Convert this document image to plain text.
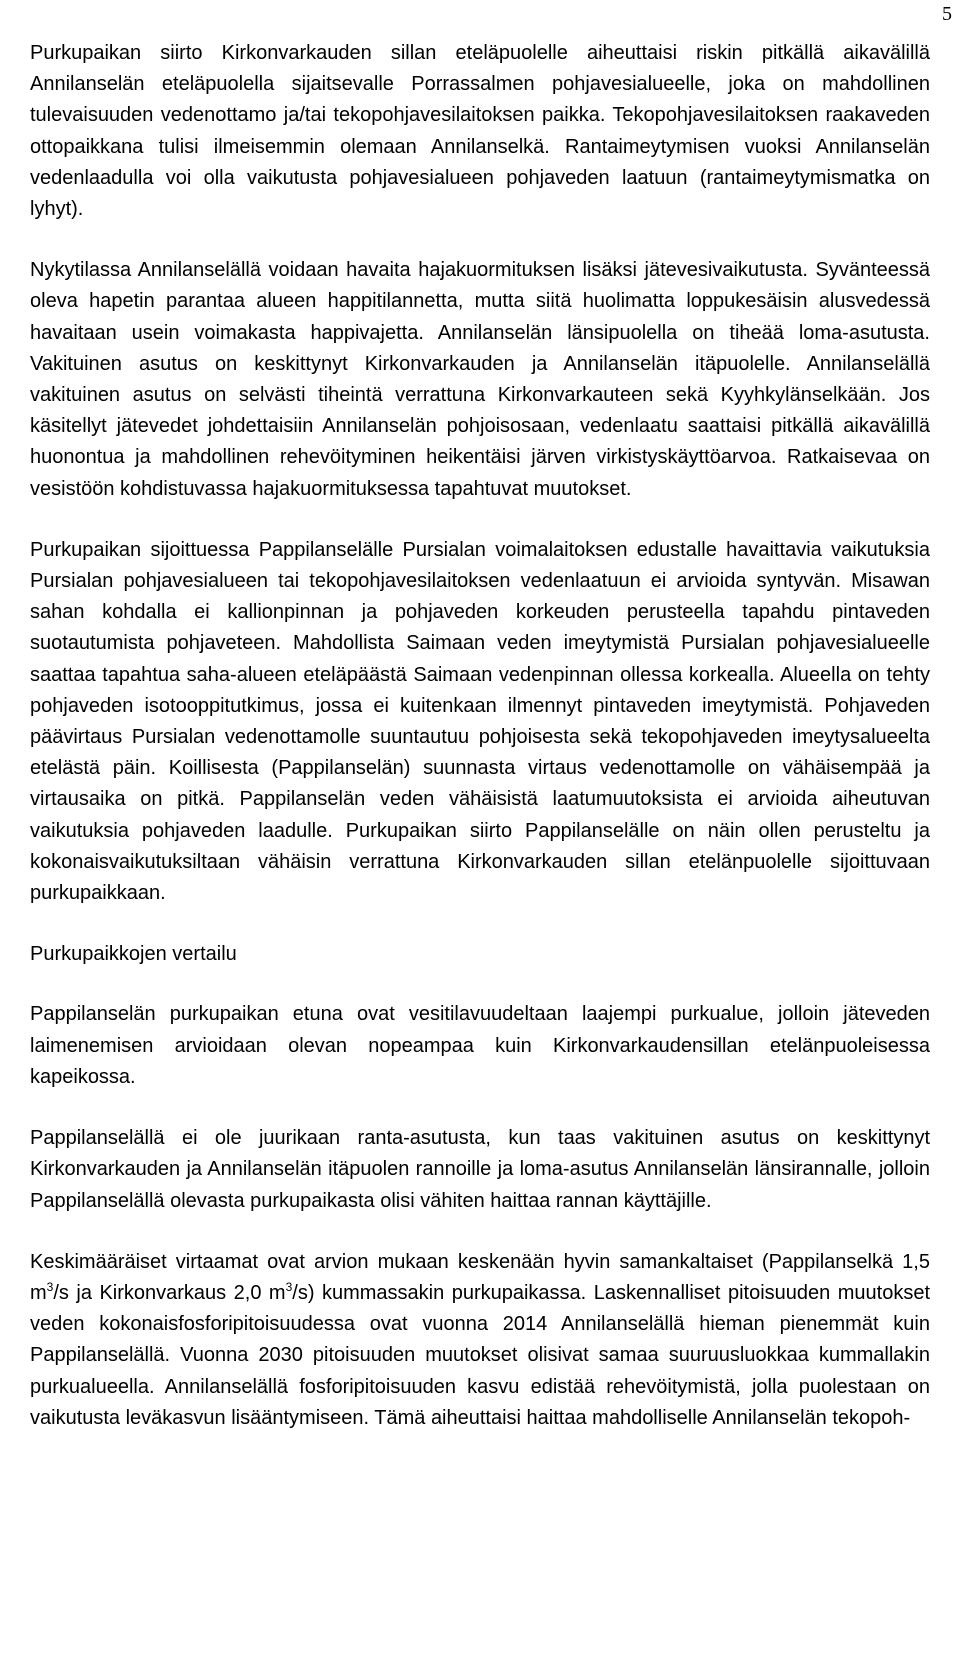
5

Purkupaikan siirto Kirkonvarkauden sillan eteläpuolelle aiheuttaisi riskin pitkällä aikavälillä Annilanselän eteläpuolella sijaitsevalle Porrassalmen pohjavesialueelle, joka on mahdollinen tulevaisuuden vedenottamo ja/tai tekopohjavesilaitoksen paikka. Tekopohjavesilaitoksen raakaveden ottopaikkana tulisi ilmeisemmin olemaan Annilanselkä. Rantaimeytymisen vuoksi Annilanselän vedenlaadulla voi olla vaikutusta pohjavesialueen pohjaveden laatuun (rantaimeytymismatka on lyhyt).

Nykytilassa Annilanselällä voidaan havaita hajakuormituksen lisäksi jätevesivaikutusta. Syvänteessä oleva hapetin parantaa alueen happitilannetta, mutta siitä huolimatta loppukesäisin alusvedessä havaitaan usein voimakasta happivajetta. Annilanselän länsipuolella on tiheää loma-asutusta. Vakituinen asutus on keskittynyt Kirkonvarkauden ja Annilanselän itäpuolelle. Annilanselällä vakituinen asutus on selvästi tiheintä verrattuna Kirkonvarkauteen sekä Kyyhkylänselkään. Jos käsitellyt jätevedet johdettaisiin Annilanselän pohjoisosaan, vedenlaatu saattaisi pitkällä aikavälillä huonontua ja mahdollinen rehevöityminen heikentäisi järven virkistyskäyttöarvoa. Ratkaisevaa on vesistöön kohdistuvassa hajakuormituksessa tapahtuvat muutokset.

Purkupaikan sijoittuessa Pappilanselälle Pursialan voimalaitoksen edustalle havaittavia vaikutuksia Pursialan pohjavesialueen tai tekopohjavesilaitoksen vedenlaatuun ei arvioida syntyvän. Misawan sahan kohdalla ei kallionpinnan ja pohjaveden korkeuden perusteella tapahdu pintaveden suotautumista pohjaveteen. Mahdollista Saimaan veden imeytymistä Pursialan pohjavesialueelle saattaa tapahtua saha-alueen eteläpäästä Saimaan vedenpinnan ollessa korkealla. Alueella on tehty pohjaveden isotooppitutkimus, jossa ei kuitenkaan ilmennyt pintaveden imeytymistä. Pohjaveden päävirtaus Pursialan vedenottamolle suuntautuu pohjoisesta sekä tekopohjaveden imeytysalueelta etelästä päin. Koillisesta (Pappilanselän) suunnasta virtaus vedenottamolle on vähäisempää ja virtausaika on pitkä. Pappilanselän veden vähäisistä laatumuutoksista ei arvioida aiheutuvan vaikutuksia pohjaveden laadulle. Purkupaikan siirto Pappilanselälle on näin ollen perusteltu ja kokonaisvaikutuksiltaan vähäisin verrattuna Kirkonvarkauden sillan etelänpuolelle sijoittuvaan purkupaikkaan.

Purkupaikkojen vertailu

Pappilanselän purkupaikan etuna ovat vesitilavuudeltaan laajempi purkualue, jolloin jäteveden laimenemisen arvioidaan olevan nopeampaa kuin Kirkonvarkaudensillan etelänpuoleisessa kapeikossa.

Pappilanselällä ei ole juurikaan ranta-asutusta, kun taas vakituinen asutus on keskittynyt Kirkonvarkauden ja Annilanselän itäpuolen rannoille ja loma-asutus Annilanselän länsirannalle, jolloin Pappilanselällä olevasta purkupaikasta olisi vähiten haittaa rannan käyttäjille.

Keskimääräiset virtaamat ovat arvion mukaan keskenään hyvin samankaltaiset (Pappilanselkä 1,5 $m^3/s$ ja Kirkonvarkaus 2,0 $m^3/s$) kummassakin purkupaikassa. Laskennalliset pitoisuuden muutokset veden kokonaisfosforipitoisuudessa ovat vuonna 2014 Annilanselällä hieman pienemmät kuin Pappilanselällä. Vuonna 2030 pitoisuuden muutokset olisivat samaa suuruusluokkaa kummallakin purkualueella. Annilanselällä fosforipitoisuuden kasvu edistää rehevöitymistä, jolla puolestaan on vaikutusta leväkasvun lisääntymiseen. Tämä aiheuttaisi haittaa mahdolliselle Annilanselän tekopoh-
